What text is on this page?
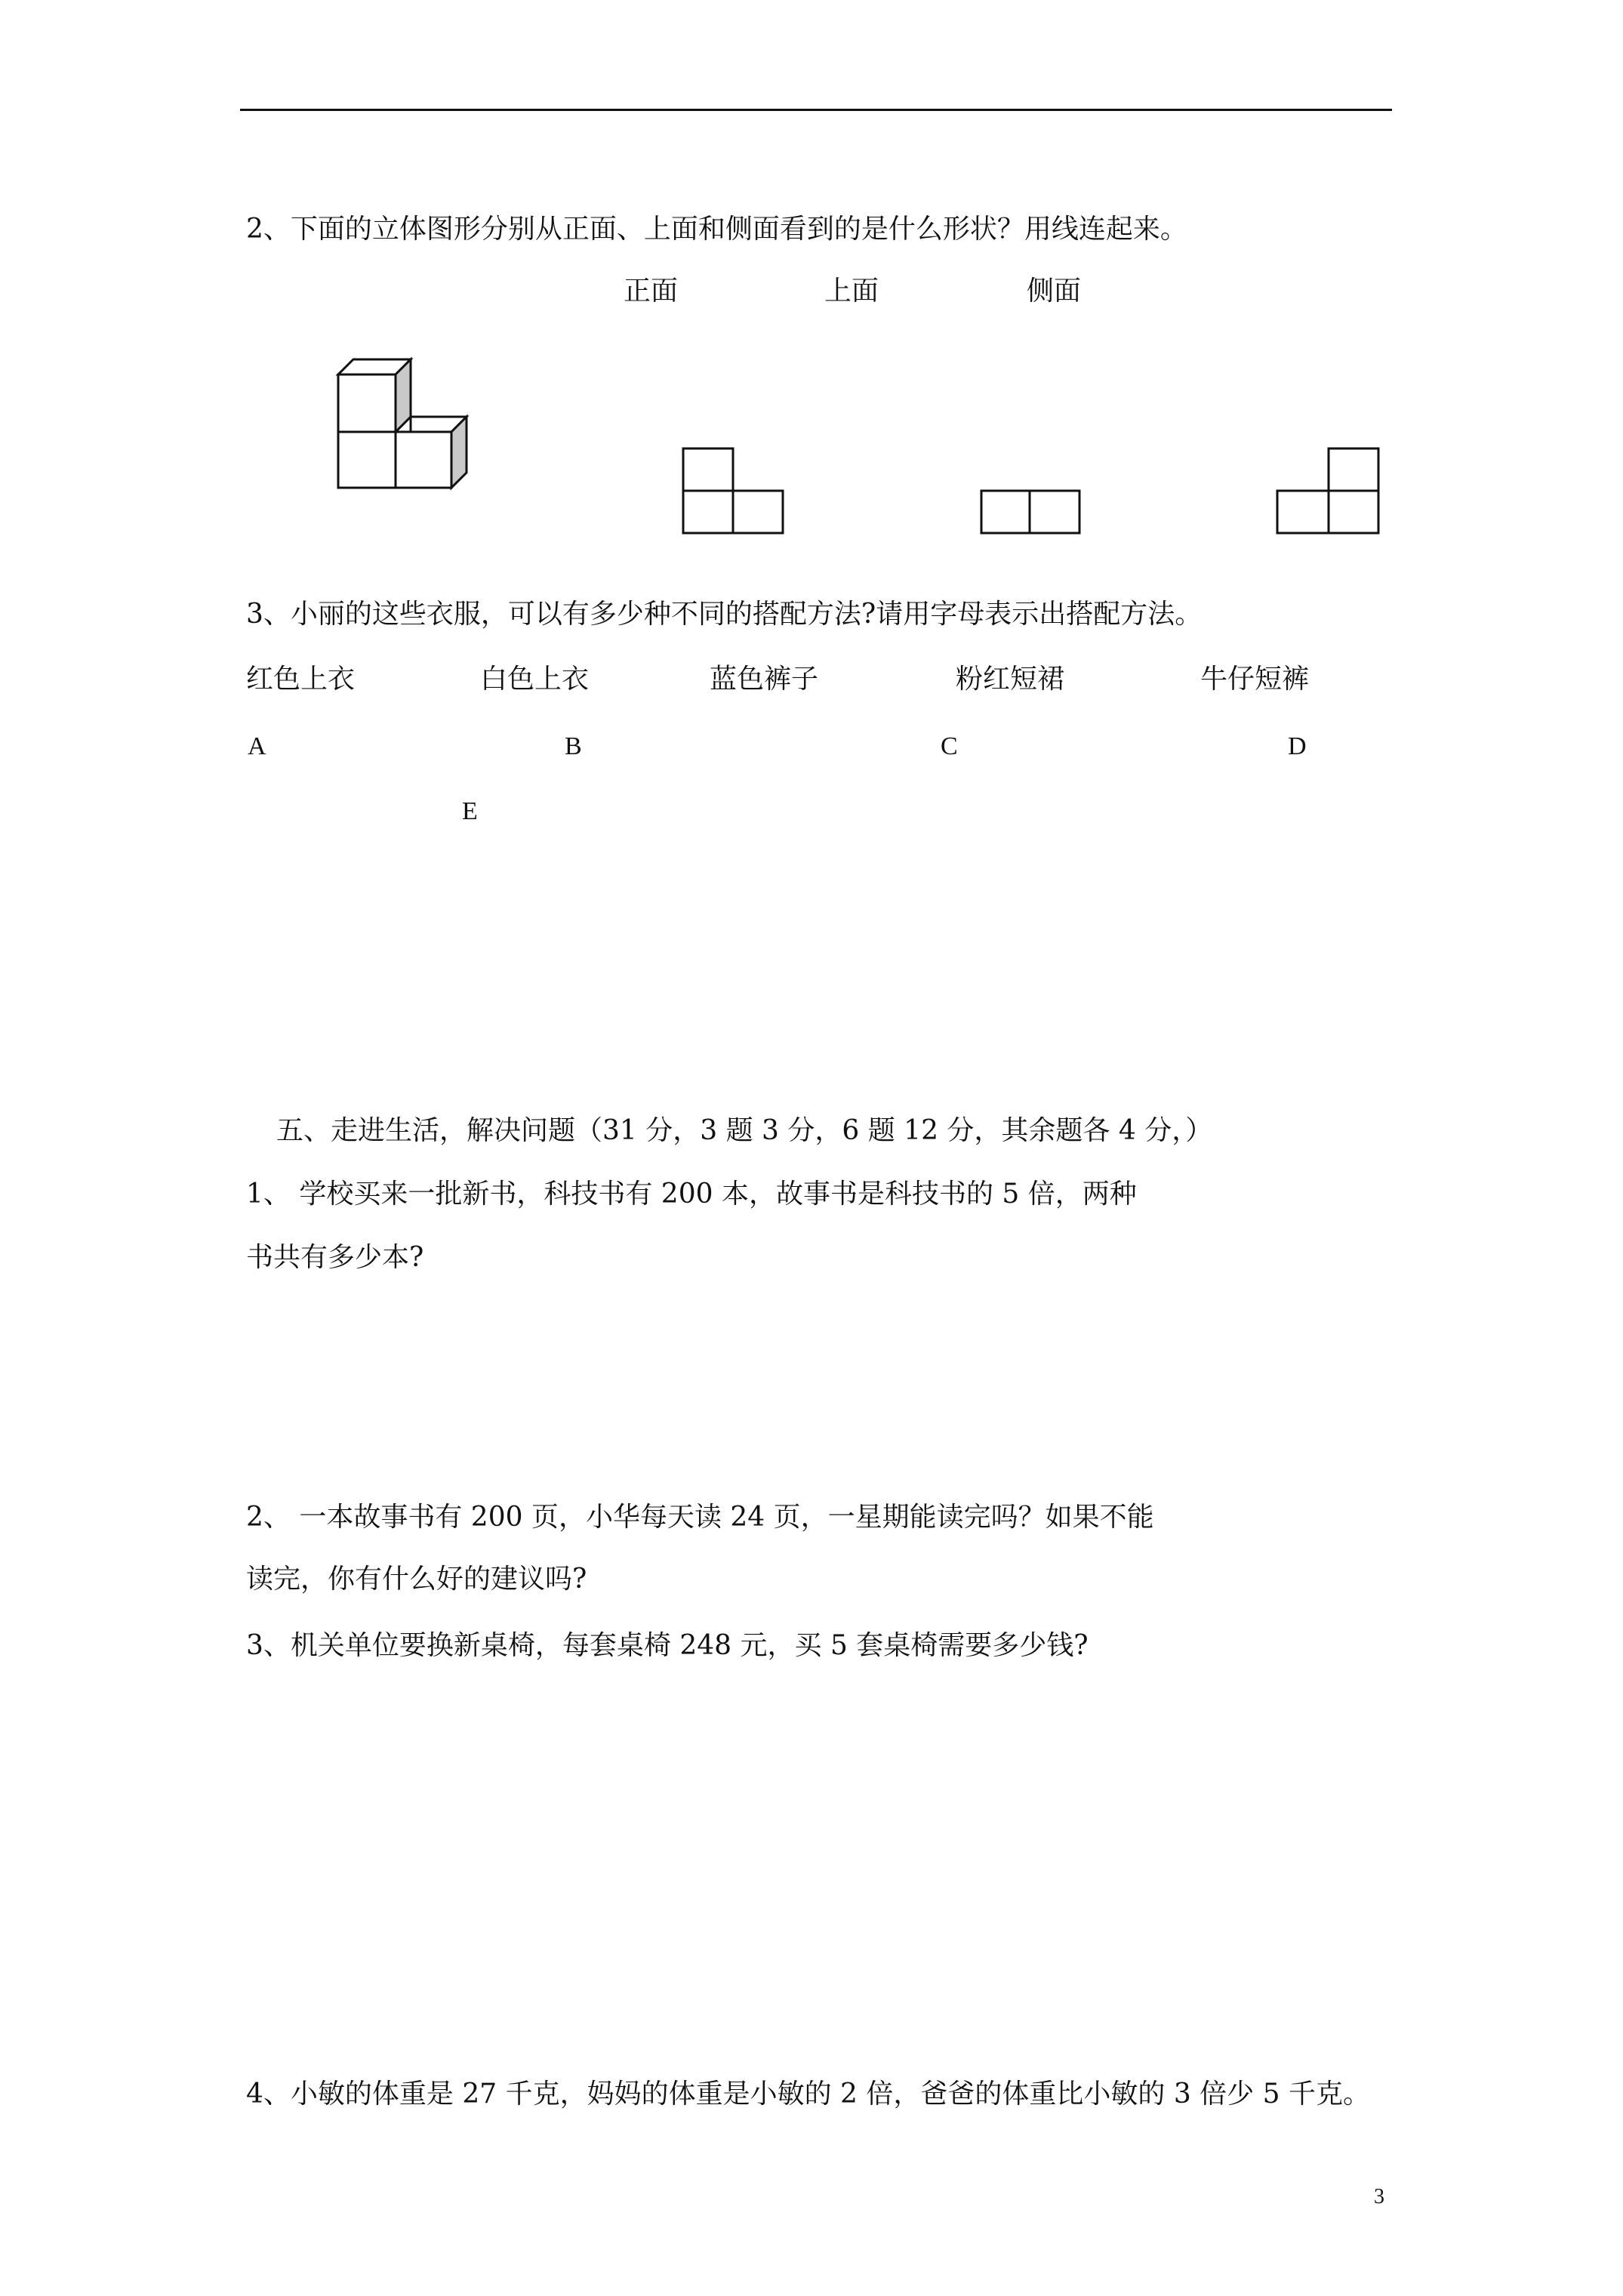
2、下面的立体图形分别从正面、上面和侧面看到的是什么形状？用线连起来。
正面	上面	侧面
3、小丽的这些衣服，可以有多少种不同的搭配方法?请用字母表示出搭配方法。
红色上衣	白色上衣	蓝色裤子	粉红短裙	牛仔短裤
A	B	C	D
E
五、走进生活，解决问题（31 分，3 题 3 分，6 题 12 分，其余题各 4 分，）
1、 学校买来一批新书，科技书有 200 本，故事书是科技书的 5 倍，两种
书共有多少本?
2、 一本故事书有 200 页，小华每天读 24 页，一星期能读完吗？如果不能
读完，你有什么好的建议吗?
3、机关单位要换新桌椅，每套桌椅 248 元，买 5 套桌椅需要多少钱?
4、小敏的体重是 27 千克，妈妈的体重是小敏的 2 倍，爸爸的体重比小敏的 3 倍少 5 千克。
3
